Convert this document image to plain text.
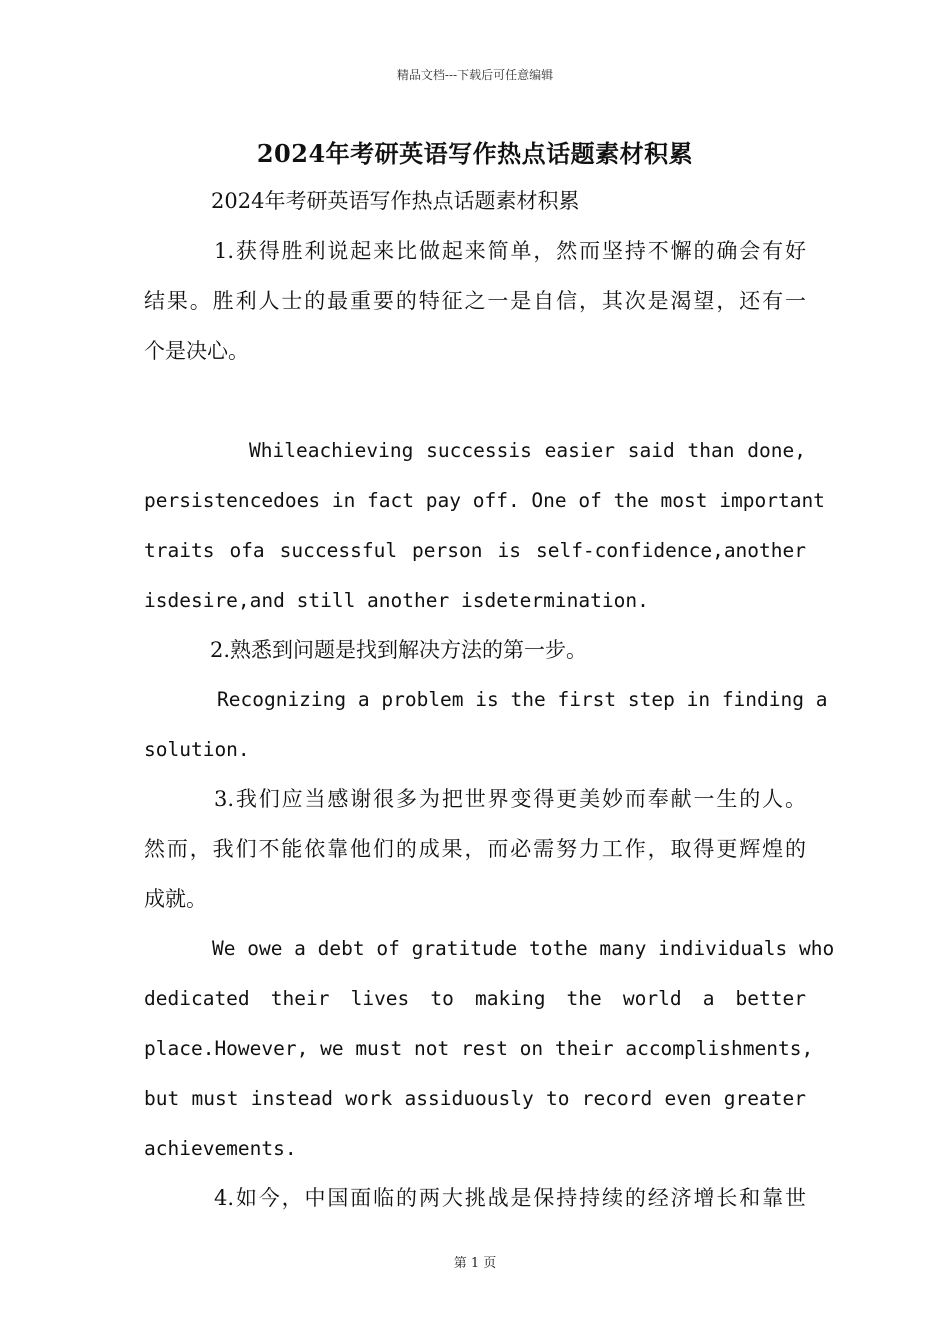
精品文档---下载后可任意编辑
2024年考研英语写作热点话题素材积累
2024年考研英语写作热点话题素材积累
1.获得胜利说起来比做起来简单，然而坚持不懈的确会有好
结果。胜利人士的最重要的特征之一是自信，其次是渴望，还有一
个是决心。
Whileachieving successis easier said than done,
persistencedoes in fact pay off. One of the most important
traits ofa successful person is self-confidence,another
isdesire,and still another isdetermination.
2.熟悉到问题是找到解决方法的第一步。
Recognizing a problem is the first step in finding a
solution.
3.我们应当感谢很多为把世界变得更美妙而奉献一生的人。
然而，我们不能依靠他们的成果，而必需努力工作，取得更辉煌的
成就。
We owe a debt of gratitude tothe many individuals who
dedicated their lives to making the world a better
place.However, we must not rest on their accomplishments,
but must instead work assiduously to record even greater
achievements.
4.如今，中国面临的两大挑战是保持持续的经济增长和靠世
第 1 页
